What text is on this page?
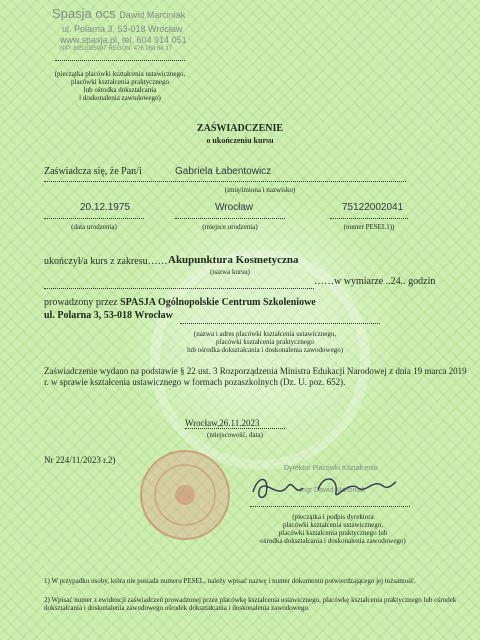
Spasja ocs Dawid Marciniak
ul. Polarna 3, 53-018 Wrocław
www.spasja.pl, tel. 604 914 051
NIP: 8952085987 REGON: 476 268 68 17
(pieczątka placówki kształcenia ustawicznego,
placówki kształcenia praktycznego
lub ośrodka dokształcania
i doskonalenia zawodowego)
ZAŚWIADCZENIE
o ukończeniu kursu
Zaświadcza się, że Pan/i	Gabriela Łabentowicz
(imię/imiona i nazwisko)
20.12.1975
(data urodzenia)
Wrocław
(miejsce urodzenia)
75122002041
(numer PESEL1))
ukończył/a kurs z zakresu…… Akupunktura Kosmetyczna
(nazwa kursu)
……w wymiarze ..24.. godzin
prowadzony przez SPASJA Ogólnopolskie Centrum Szkoleniowe
ul. Polarna 3, 53-018 Wrocław
(nazwa i adres placówki kształcenia ustawicznego,
placówki kształcenia praktycznego
lub ośrodka dokształcania i doskonalenia zawodowego)
Zaświadczenie wydano na podstawie § 22 ust. 3 Rozporządzenia Ministra Edukacji Narodowej z dnia 19 marca 2019 r. w sprawie kształcenia ustawicznego w formach pozaszkolnych (Dz. U. poz. 652).
Wrocław,26.11.2023
(miejscowość, data)
Nr 224/11/2023 r.2)
Dyrektor Placówki Kształcenia
mgr Dawid Marciniak
(pieczątka i podpis dyrektora
placówki kształcenia ustawicznego,
placówki kształcenia praktycznego lub
ośrodka dokształcania i doskonalenia zawodowego)
1) W przypadku osoby, która nie posiada numeru PESEL, należy wpisać nazwę i numer dokumentu potwierdzającego jej tożsamość.
2) Wpisać numer z ewidencji zaświadczeń prowadzonej przez placówkę kształcenia ustawicznego, placówkę kształcenia praktycznego lub ośrodek dokształcania i doskonalenia zawodowego ośrodek dokształcania i doskonalenia zawodowego.
